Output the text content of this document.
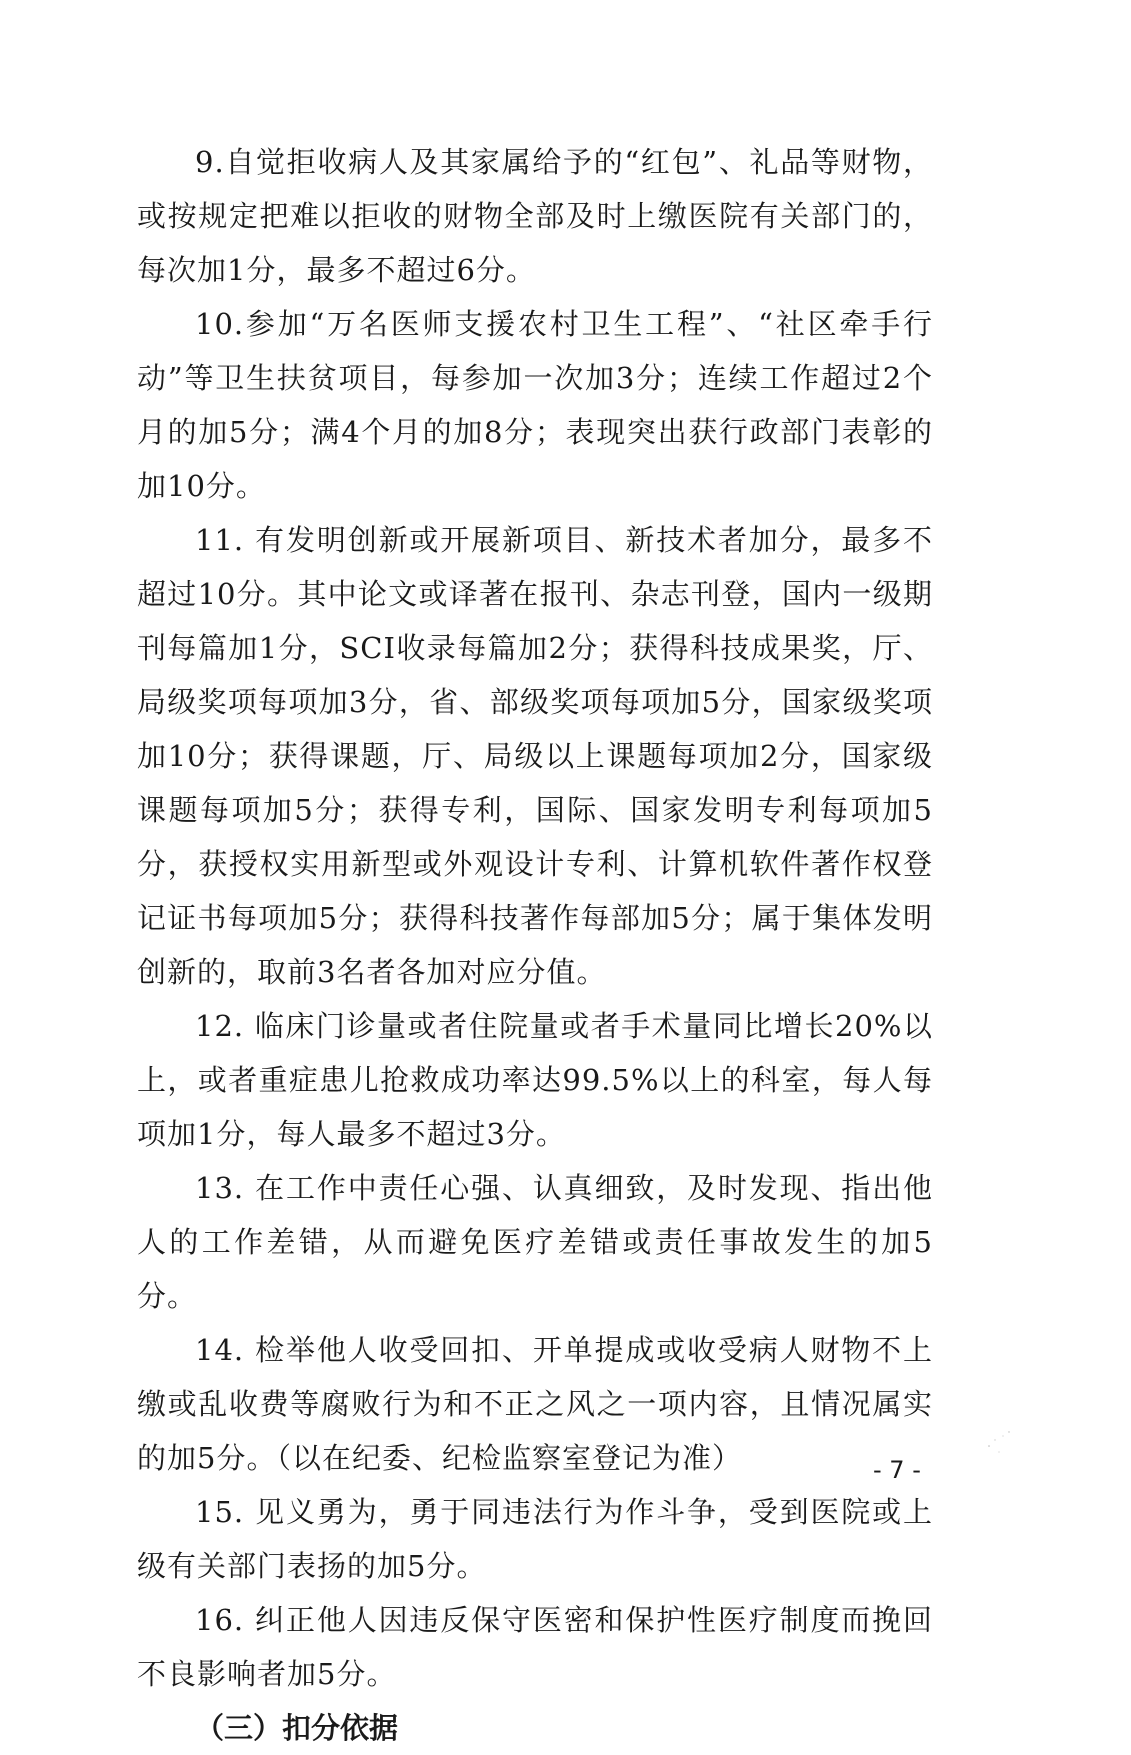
9.自觉拒收病人及其家属给予的“红包”、礼品等财物，或按规定把难以拒收的财物全部及时上缴医院有关部门的，每次加1分，最多不超过6分。

10.参加“万名医师支援农村卫生工程”、“社区牵手行动”等卫生扶贫项目，每参加一次加3分；连续工作超过2个月的加5分；满4个月的加8分；表现突出获行政部门表彰的加10分。

11. 有发明创新或开展新项目、新技术者加分，最多不超过10分。其中论文或译著在报刊、杂志刊登，国内一级期刊每篇加1分，SCI收录每篇加2分；获得科技成果奖，厅、局级奖项每项加3分，省、部级奖项每项加5分，国家级奖项加10分；获得课题，厅、局级以上课题每项加2分，国家级课题每项加5分；获得专利，国际、国家发明专利每项加5分，获授权实用新型或外观设计专利、计算机软件著作权登记证书每项加5分；获得科技著作每部加5分；属于集体发明创新的，取前3名者各加对应分值。

12. 临床门诊量或者住院量或者手术量同比增长20%以上，或者重症患儿抢救成功率达99.5%以上的科室，每人每项加1分，每人最多不超过3分。

13. 在工作中责任心强、认真细致，及时发现、指出他人的工作差错，从而避免医疗差错或责任事故发生的加5分。

14. 检举他人收受回扣、开单提成或收受病人财物不上缴或乱收费等腐败行为和不正之风之一项内容，且情况属实的加5分。（以在纪委、纪检监察室登记为准）

15. 见义勇为，勇于同违法行为作斗争，受到医院或上级有关部门表扬的加5分。

16. 纠正他人因违反保守医密和保护性医疗制度而挽回不良影响者加5分。

（三）扣分依据

- 7 -
